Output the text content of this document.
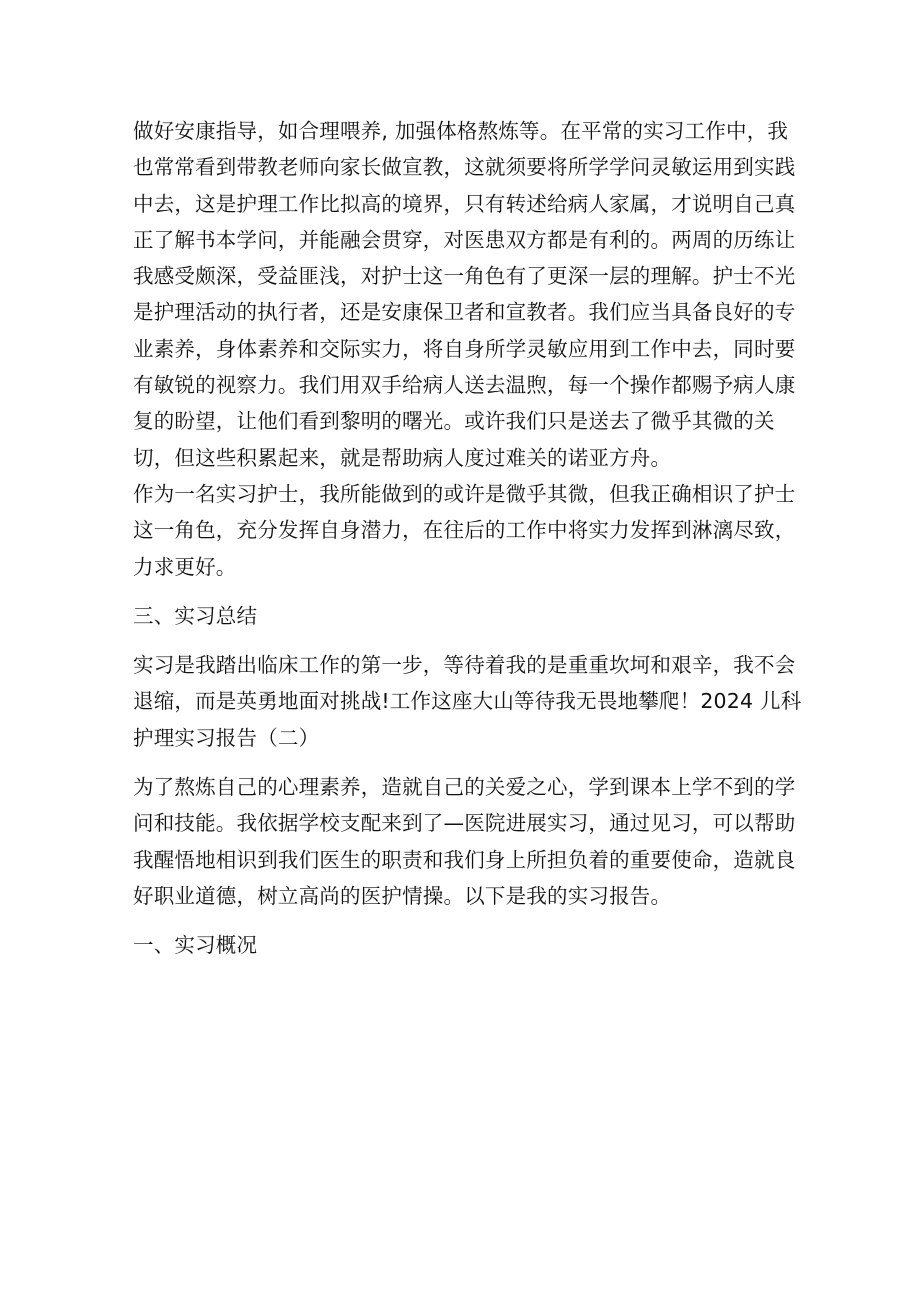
做好安康指导，如合理喂养, 加强体格熬炼等。在平常的实习工作中，我
也常常看到带教老师向家长做宣教，这就须要将所学学问灵敏运用到实践
中去，这是护理工作比拟高的境界，只有转述给病人家属，才说明自己真
正了解书本学问，并能融会贯穿，对医患双方都是有利的。两周的历练让
我感受颇深，受益匪浅，对护士这一角色有了更深一层的理解。护士不光
是护理活动的执行者，还是安康保卫者和宣教者。我们应当具备良好的专
业素养，身体素养和交际实力，将自身所学灵敏应用到工作中去，同时要
有敏锐的视察力。我们用双手给病人送去温煦，每一个操作都赐予病人康
复的盼望，让他们看到黎明的曙光。或许我们只是送去了微乎其微的关
切，但这些积累起来，就是帮助病人度过难关的诺亚方舟。
作为一名实习护士，我所能做到的或许是微乎其微，但我正确相识了护士
这一角色，充分发挥自身潜力，在往后的工作中将实力发挥到淋漓尽致，
力求更好。
三、实习总结
实习是我踏出临床工作的第一步，等待着我的是重重坎坷和艰辛，我不会
退缩，而是英勇地面对挑战!工作这座大山等待我无畏地攀爬！2024 儿科
护理实习报告（二）
为了熬炼自己的心理素养，造就自己的关爱之心，学到课本上学不到的学
问和技能。我依据学校支配来到了—医院进展实习，通过见习，可以帮助
我醒悟地相识到我们医生的职责和我们身上所担负着的重要使命，造就良
好职业道德，树立高尚的医护情操。以下是我的实习报告。
一、实习概况
